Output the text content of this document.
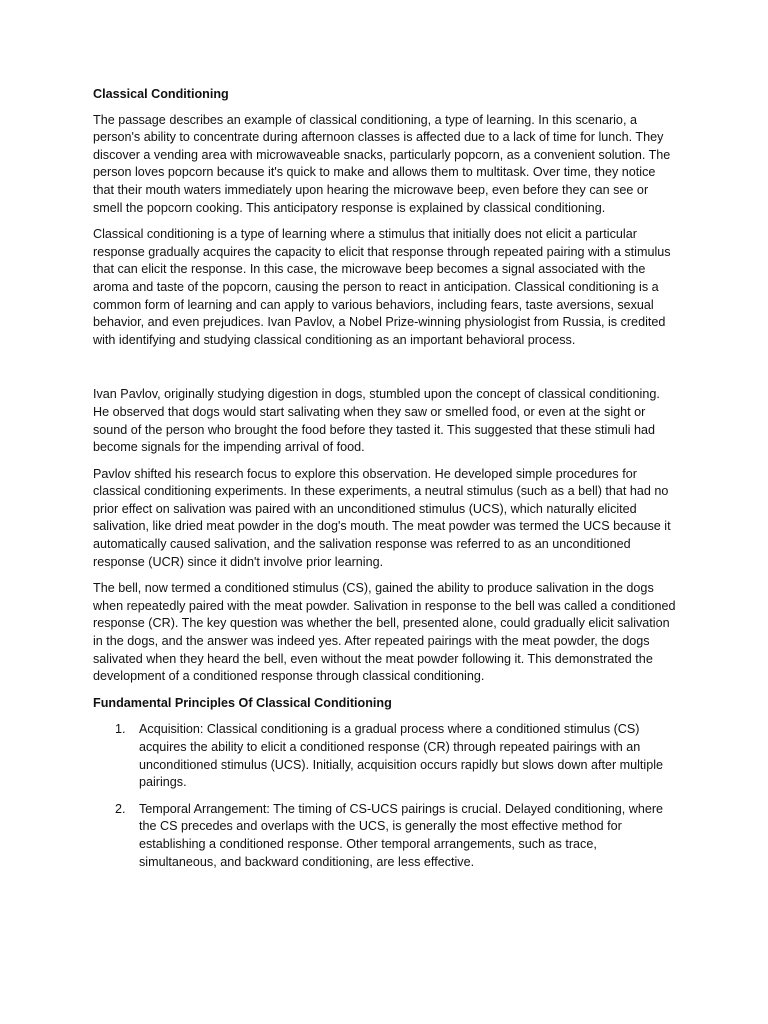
Classical Conditioning

The passage describes an example of classical conditioning, a type of learning. In this scenario, a person's ability to concentrate during afternoon classes is affected due to a lack of time for lunch. They discover a vending area with microwaveable snacks, particularly popcorn, as a convenient solution. The person loves popcorn because it's quick to make and allows them to multitask. Over time, they notice that their mouth waters immediately upon hearing the microwave beep, even before they can see or smell the popcorn cooking. This anticipatory response is explained by classical conditioning.

Classical conditioning is a type of learning where a stimulus that initially does not elicit a particular response gradually acquires the capacity to elicit that response through repeated pairing with a stimulus that can elicit the response. In this case, the microwave beep becomes a signal associated with the aroma and taste of the popcorn, causing the person to react in anticipation. Classical conditioning is a common form of learning and can apply to various behaviors, including fears, taste aversions, sexual behavior, and even prejudices. Ivan Pavlov, a Nobel Prize-winning physiologist from Russia, is credited with identifying and studying classical conditioning as an important behavioral process.

Ivan Pavlov, originally studying digestion in dogs, stumbled upon the concept of classical conditioning. He observed that dogs would start salivating when they saw or smelled food, or even at the sight or sound of the person who brought the food before they tasted it. This suggested that these stimuli had become signals for the impending arrival of food.

Pavlov shifted his research focus to explore this observation. He developed simple procedures for classical conditioning experiments. In these experiments, a neutral stimulus (such as a bell) that had no prior effect on salivation was paired with an unconditioned stimulus (UCS), which naturally elicited salivation, like dried meat powder in the dog's mouth. The meat powder was termed the UCS because it automatically caused salivation, and the salivation response was referred to as an unconditioned response (UCR) since it didn't involve prior learning.

The bell, now termed a conditioned stimulus (CS), gained the ability to produce salivation in the dogs when repeatedly paired with the meat powder. Salivation in response to the bell was called a conditioned response (CR). The key question was whether the bell, presented alone, could gradually elicit salivation in the dogs, and the answer was indeed yes. After repeated pairings with the meat powder, the dogs salivated when they heard the bell, even without the meat powder following it. This demonstrated the development of a conditioned response through classical conditioning.

Fundamental Principles Of Classical Conditioning
1. Acquisition: Classical conditioning is a gradual process where a conditioned stimulus (CS) acquires the ability to elicit a conditioned response (CR) through repeated pairings with an unconditioned stimulus (UCS). Initially, acquisition occurs rapidly but slows down after multiple pairings.
2. Temporal Arrangement: The timing of CS-UCS pairings is crucial. Delayed conditioning, where the CS precedes and overlaps with the UCS, is generally the most effective method for establishing a conditioned response. Other temporal arrangements, such as trace, simultaneous, and backward conditioning, are less effective.
